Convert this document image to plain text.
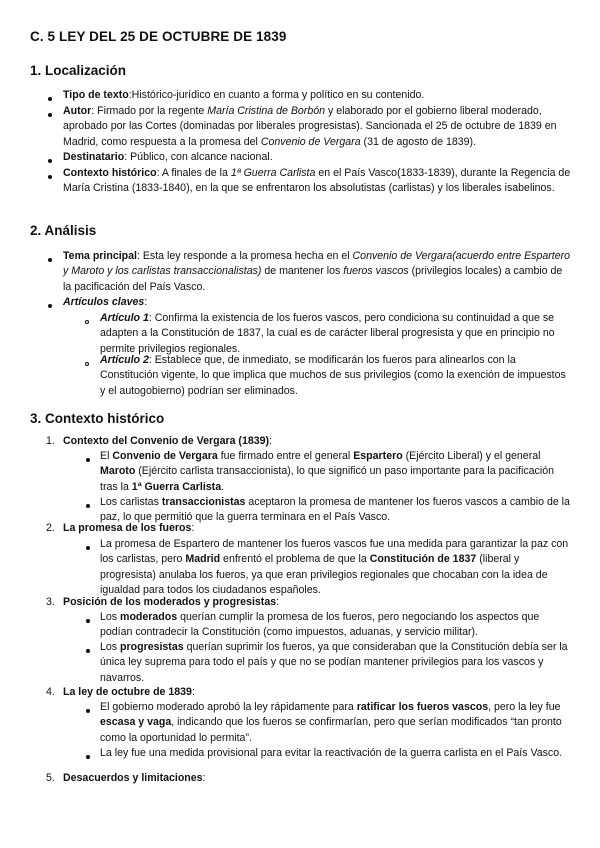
C. 5 LEY DEL 25 DE OCTUBRE DE 1839
1. Localización
Tipo de texto:Histórico-jurídico en cuanto a forma y político en su contenido.
Autor: Firmado por la regente María Cristina de Borbón y elaborado por el gobierno liberal moderado, aprobado por las Cortes (dominadas por liberales progresistas). Sancionada el 25 de octubre de 1839 en Madrid, como respuesta a la promesa del Convenio de Vergara (31 de agosto de 1839).
Destinatario: Público, con alcance nacional.
Contexto histórico: A finales de la 1ª Guerra Carlista en el País Vasco(1833-1839), durante la Regencia de María Cristina (1833-1840), en la que se enfrentaron los absolutistas (carlistas) y los liberales isabelinos.
2. Análisis
Tema principal: Esta ley responde a la promesa hecha en el Convenio de Vergara(acuerdo entre Espartero y Maroto y los carlistas transaccionalistas) de mantener los fueros vascos (privilegios locales) a cambio de la pacificación del País Vasco.
Artículos claves:
Artículo 1: Confirma la existencia de los fueros vascos, pero condiciona su continuidad a que se adapten a la Constitución de 1837, la cual es de carácter liberal progresista y que en principio no permite privilegios regionales.
Artículo 2: Establece que, de inmediato, se modificarán los fueros para alinearlos con la Constitución vigente, lo que implica que muchos de sus privilegios (como la exención de impuestos y el autogobierno) podrían ser eliminados.
3. Contexto histórico
1. Contexto del Convenio de Vergara (1839):
El Convenio de Vergara fue firmado entre el general Espartero (Ejército Liberal) y el general Maroto (Ejército carlista transaccionista), lo que significó un paso importante para la pacificación tras la 1ª Guerra Carlista.
Los carlistas transaccionistas aceptaron la promesa de mantener los fueros vascos a cambio de la paz, lo que permitió que la guerra terminara en el País Vasco.
2. La promesa de los fueros:
La promesa de Espartero de mantener los fueros vascos fue una medida para garantizar la paz con los carlistas, pero Madrid enfrentó el problema de que la Constitución de 1837 (liberal y progresista) anulaba los fueros, ya que eran privilegios regionales que chocaban con la idea de igualdad para todos los ciudadanos españoles.
3. Posición de los moderados y progresistas:
Los moderados querían cumplir la promesa de los fueros, pero negociando los aspectos que podían contradecir la Constitución (como impuestos, aduanas, y servicio militar).
Los progresistas querían suprimir los fueros, ya que consideraban que la Constitución debía ser la única ley suprema para todo el país y que no se podían mantener privilegios para los vascos y navarros.
4. La ley de octubre de 1839:
El gobierno moderado aprobó la ley rápidamente para ratificar los fueros vascos, pero la ley fue escasa y vaga, indicando que los fueros se confirmarían, pero que serían modificados “tan pronto como la oportunidad lo permita”.
La ley fue una medida provisional para evitar la reactivación de la guerra carlista en el País Vasco.
5. Desacuerdos y limitaciones:
